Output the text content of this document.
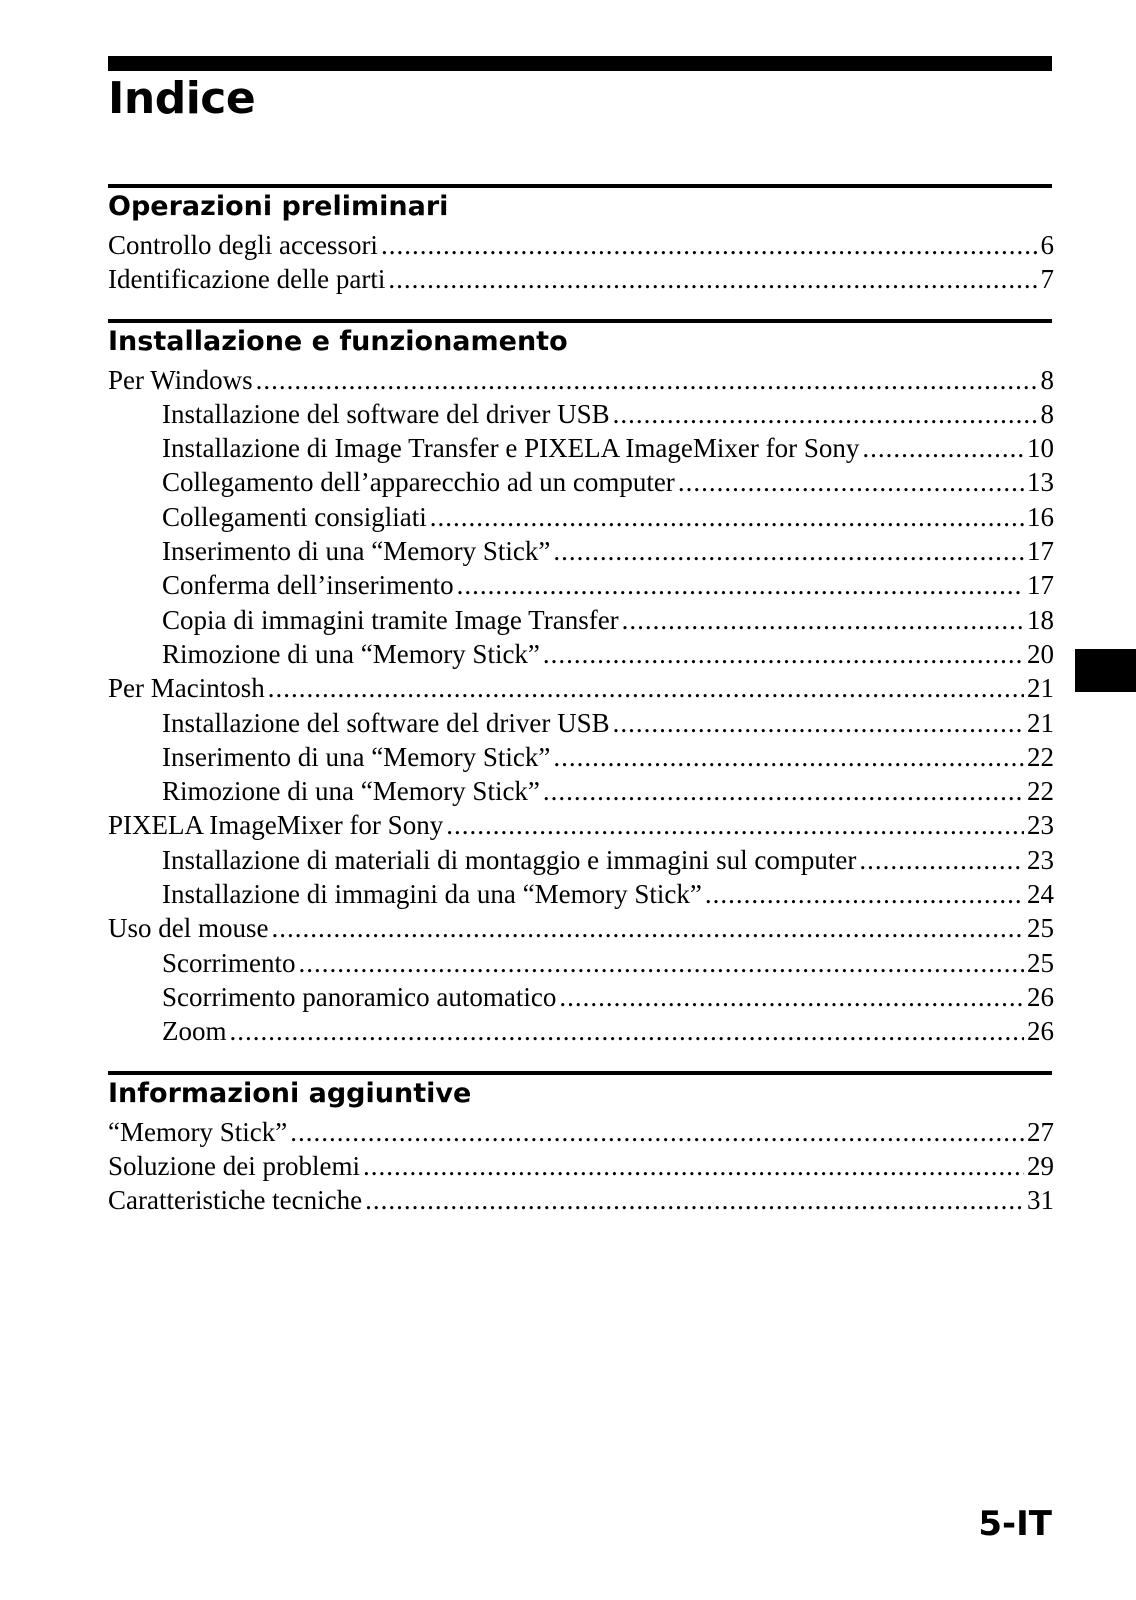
Indice
Operazioni preliminari
Controllo degli accessori .....	6
Identificazione delle parti .....	7
Installazione e funzionamento
Per Windows .....	8
Installazione del software del driver USB .....	8
Installazione di Image Transfer e PIXELA ImageMixer for Sony .....	10
Collegamento dell’apparecchio ad un computer .....	13
Collegamenti consigliati .....	16
Inserimento di una “Memory Stick” .....	17
Conferma dell’inserimento .....	17
Copia di immagini tramite Image Transfer .....	18
Rimozione di una “Memory Stick” .....	20
Per Macintosh .....	21
Installazione del software del driver USB .....	21
Inserimento di una “Memory Stick” .....	22
Rimozione di una “Memory Stick” .....	22
PIXELA ImageMixer for Sony .....	23
Installazione di materiali di montaggio e immagini sul computer .....	23
Installazione di immagini da una “Memory Stick” .....	24
Uso del mouse .....	25
Scorrimento .....	25
Scorrimento panoramico automatico .....	26
Zoom .....	26
Informazioni aggiuntive
“Memory Stick” .....	27
Soluzione dei problemi .....	29
Caratteristiche tecniche .....	31
5-IT
